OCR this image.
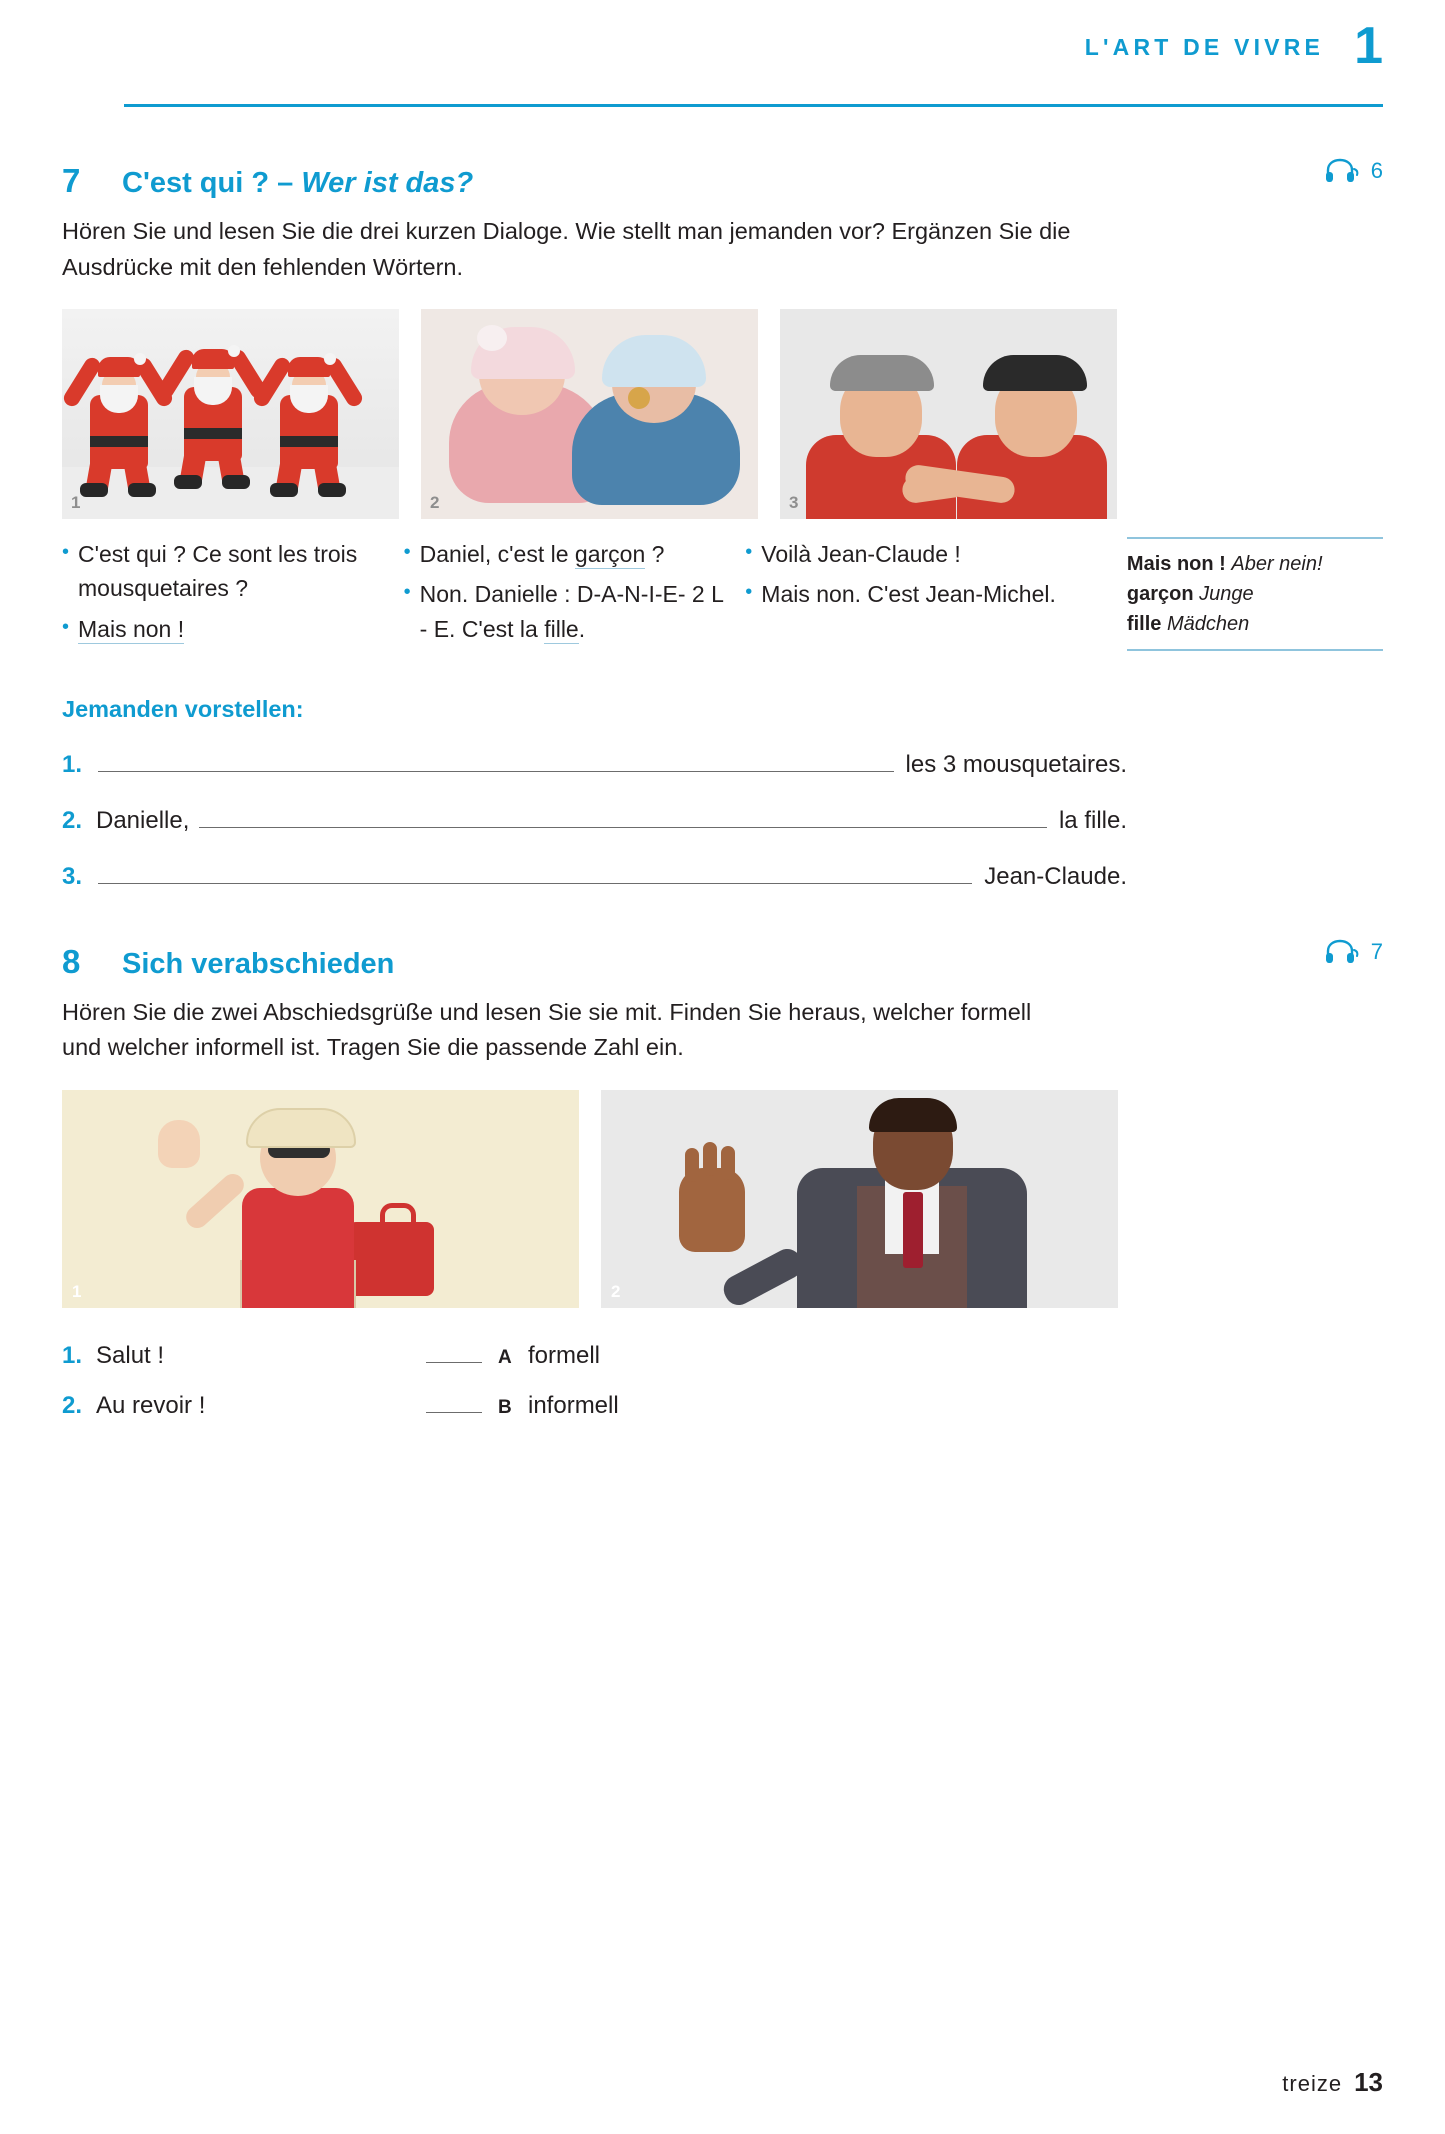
L'ART DE VIVRE 1
7	C'est qui ? – Wer ist das?	6
Hören Sie und lesen Sie die drei kurzen Dialoge. Wie stellt man jemanden vor? Ergänzen Sie die Ausdrücke mit den fehlenden Wörtern.
1	2	3
• C'est qui ? Ce sont les trois mousquetaires ?
• Mais non !
• Daniel, c'est le garçon ?
• Non. Danielle : D-A-N-I-E- 2 L - E. C'est la fille.
• Voilà Jean-Claude !
• Mais non. C'est Jean-Michel.
Mais non ! Aber nein!
garçon Junge
fille Mädchen
Jemanden vorstellen:
1.	les 3 mousquetaires.
2. Danielle,	la fille.
3.	Jean-Claude.
8	Sich verabschieden	7
Hören Sie die zwei Abschiedsgrüße und lesen Sie sie mit. Finden Sie heraus, welcher formell und welcher informell ist. Tragen Sie die passende Zahl ein.
1	2
1. Salut !	A formell
2. Au revoir !	B informell
treize 13
